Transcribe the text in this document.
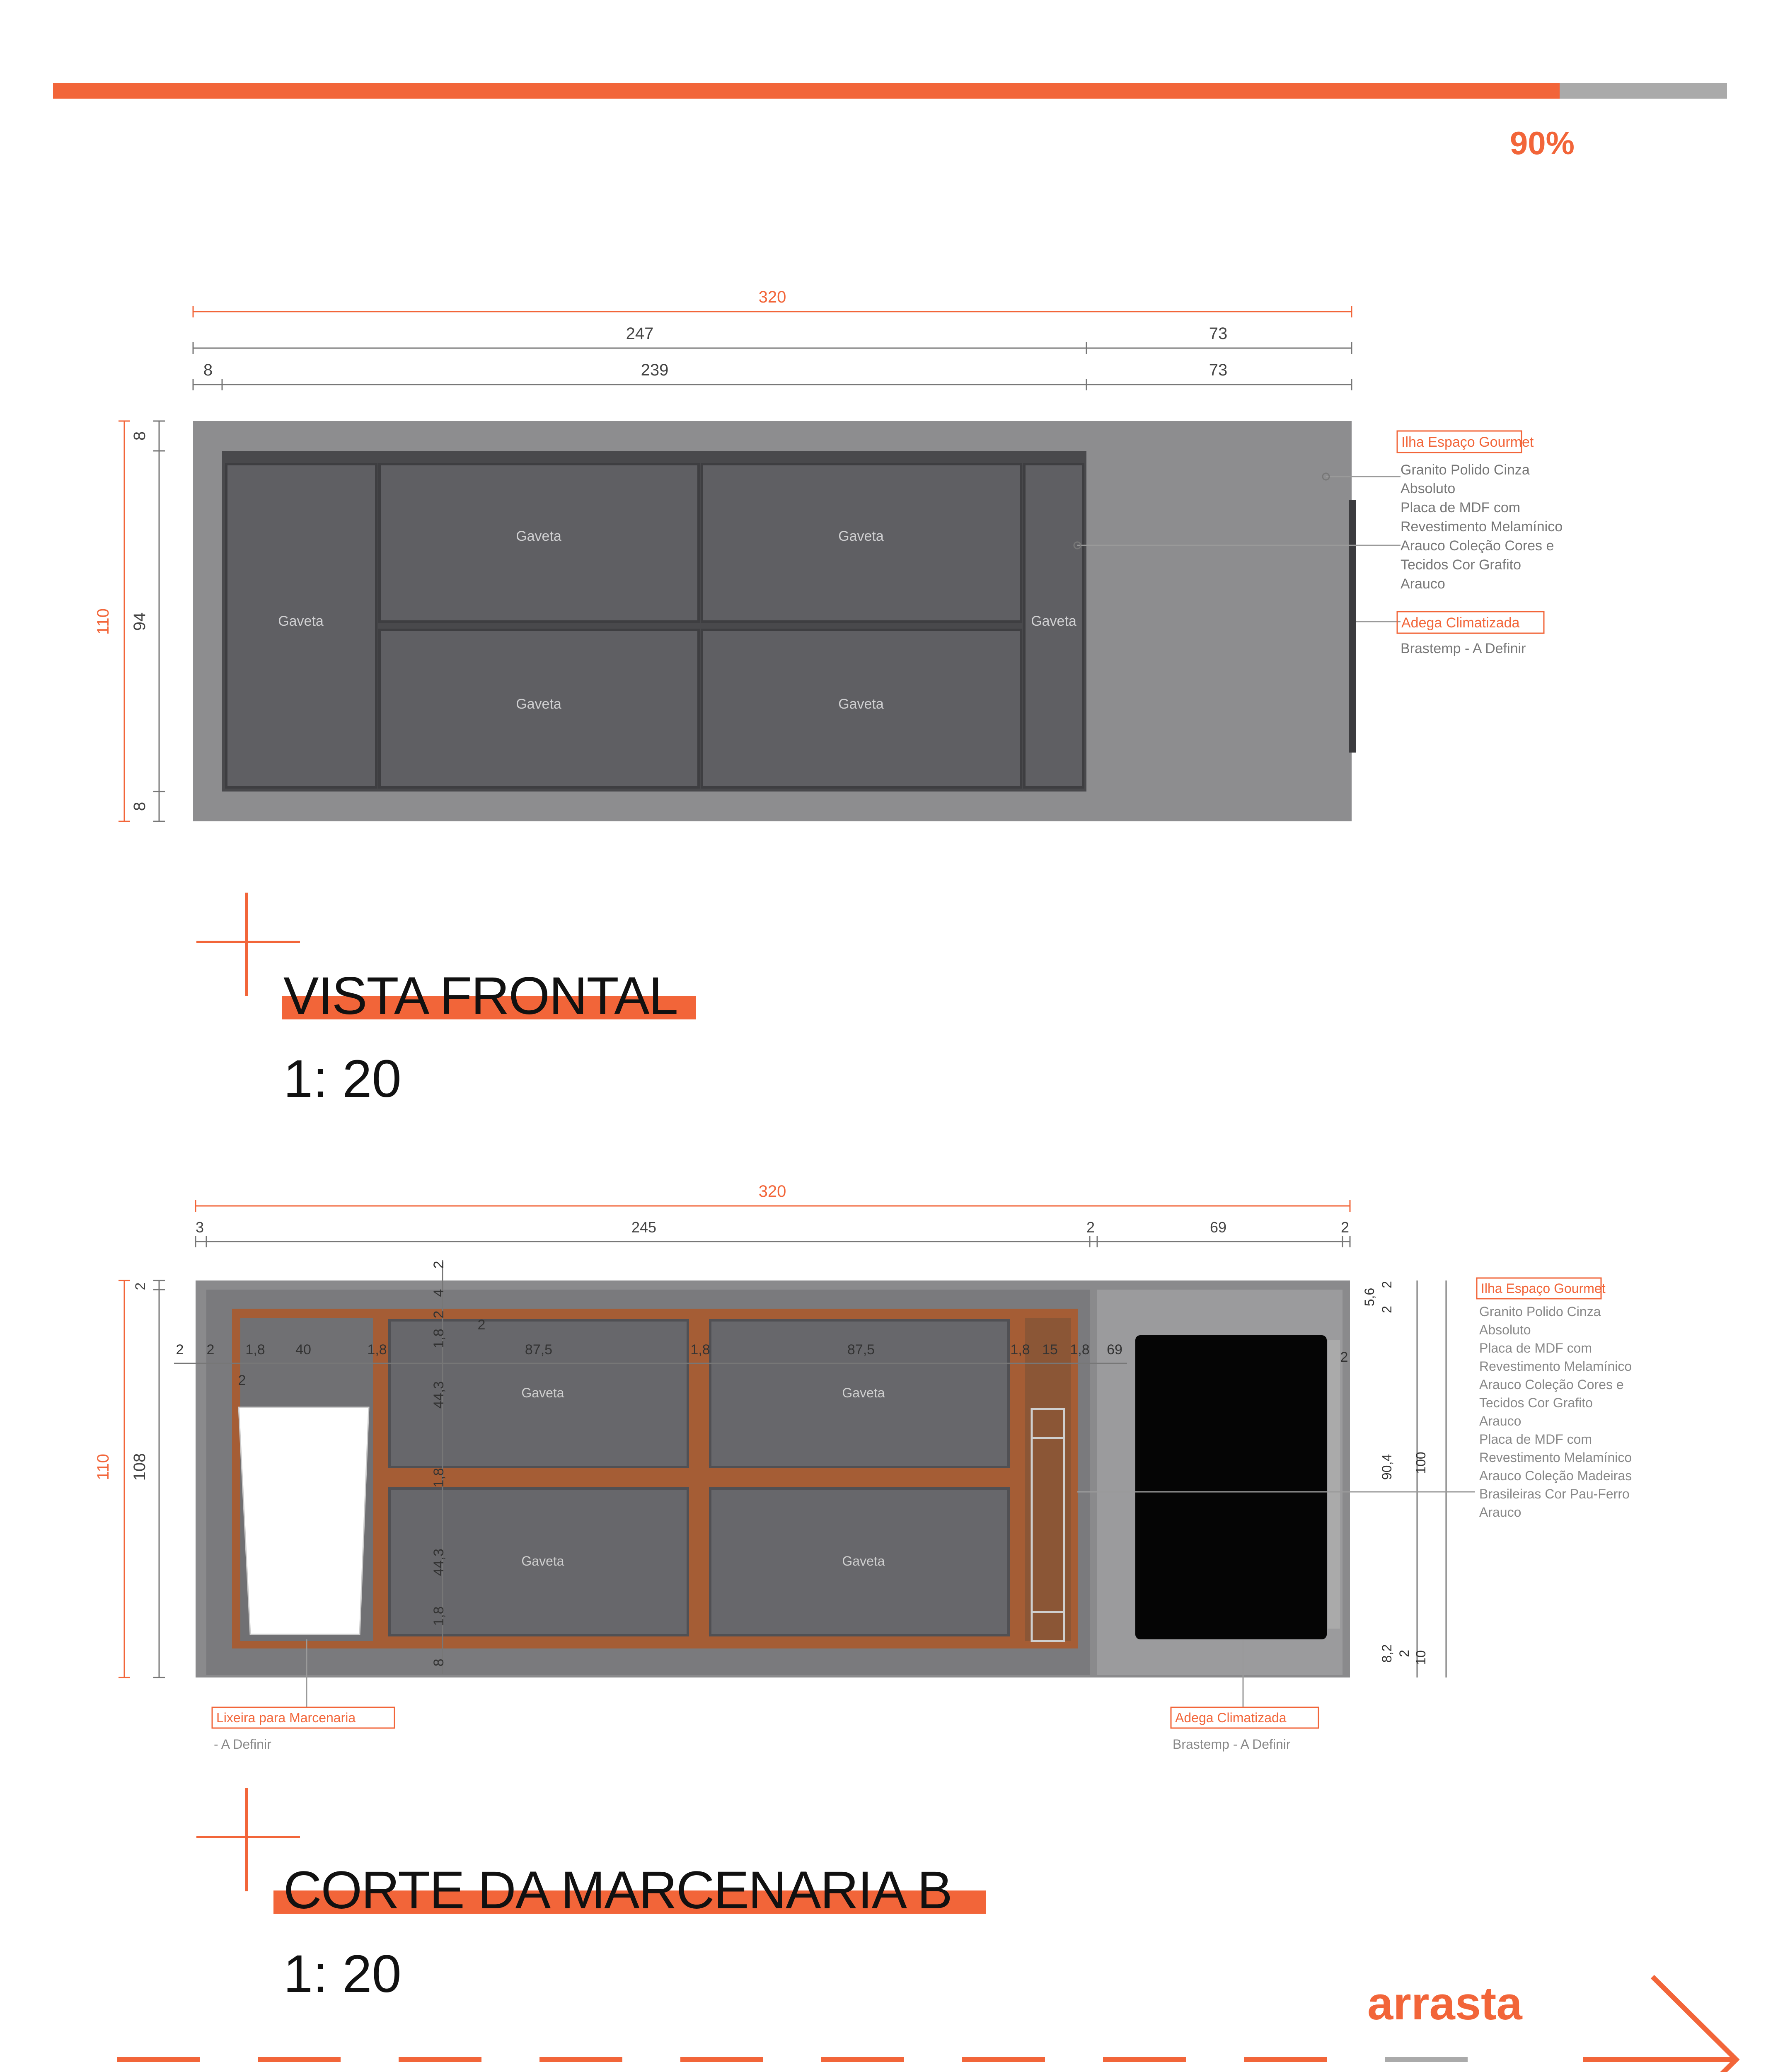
90%
320
247	73
8	239	73
110
8
94
8
Gaveta
Gaveta	Gaveta
Gaveta	Gaveta
Gaveta
Ilha Espaço Gourmet
Granito Polido Cinza
Absoluto
Placa de MDF com
Revestimento Melamínico
Arauco Coleção Cores e
Tecidos Cor Grafito
Arauco
Adega Climatizada
Brastemp - A Definir
VISTA FRONTAL
1: 20
320
3	245	2	69	2
110
2
108
Gaveta	Gaveta
Gaveta	Gaveta
2	1,8 40	1,8	87,5	1,8	87,5	1,8 15 1,8 69	2
2
2
2
2
4
2
1,8
44,3
1,8
44,3
1,8
8
5,6
2
2
90,4 100
8,2 2 10
Ilha Espaço Gourmet
Granito Polido Cinza
Absoluto
Placa de MDF com
Revestimento Melamínico
Arauco Coleção Cores e
Tecidos Cor Grafito
Arauco
Placa de MDF com
Revestimento Melamínico
Arauco Coleção Madeiras
Brasileiras Cor Pau-Ferro
Arauco
Lixeira para Marcenaria
- A Definir
Adega Climatizada
Brastemp - A Definir
CORTE DA MARCENARIA B
1: 20	arrasta
